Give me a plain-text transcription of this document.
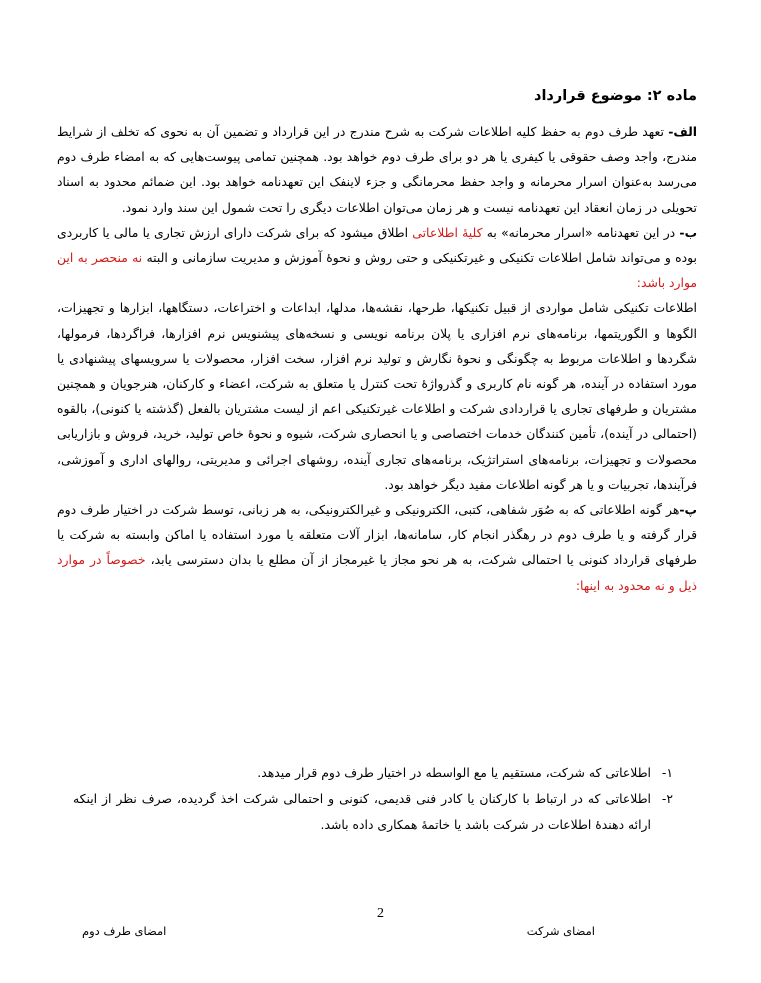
ماده ۲: موضوع قرارداد

الف- تعهد طرف دوم به حفظ کلیه اطلاعات شرکت به شرح مندرج در این قرارداد و تضمین آن به نحوی که تخلف از شرایط مندرج، واجد وصف حقوقی یا کیفری یا هر دو برای طرف دوم خواهد بود. همچنین تمامی پیوست‌هایی که به امضاء طرف دوم می‌رسد به‌عنوان اسرار محرمانه و واجد حفظ محرمانگی و جزء لاینفک این تعهدنامه خواهد بود. این ضمائم محدود به اسناد تحویلی در زمان انعقاد این تعهدنامه نیست و هر زمان می‌توان اطلاعات دیگری را تحت شمول این سند وارد نمود.

ب- در این تعهدنامه «اسرار محرمانه» به کلیهٔ اطلاعاتی اطلاق میشود که برای شرکت دارای ارزش تجاری یا مالی یا کاربردی بوده و می‌تواند شامل اطلاعات تکنیکی و غیرتکنیکی و حتی روش و نحوهٔ آموزش و مدیریت سازمانی و البته نه منحصر به این موارد باشد:

اطلاعات تکنیکی شامل مواردی از قبیل تکنیکها، طرحها، نقشه‌ها، مدلها، ابداعات و اختراعات، دستگاهها، ابزارها و تجهیزات، الگوها و الگوریتمها، برنامه‌های نرم افزاری یا پلان برنامه نویسی و نسخه‌های پیشنویس نرم افزارها، فراگردها، فرمولها، شگردها و اطلاعات مربوط به چگونگی و نحوهٔ نگارش و تولید نرم افزار، سخت افزار، محصولات یا سرویسهای پیشنهادی یا مورد استفاده در آینده، هر گونه نام کاربری و گذرواژهٔ تحت کنترل یا متعلق به شرکت، اعضاء و کارکنان، هنرجویان و همچنین مشتریان و طرفهای تجاری یا قراردادی شرکت و اطلاعات غیرتکنیکی اعم از لیست مشتریان بالفعل (گذشته یا کنونی)، بالقوه (احتمالی در آینده)، تأمین کنندگان خدمات اختصاصی و یا انحصاری شرکت، شیوه و نحوهٔ خاص تولید، خرید، فروش و بازاریابی محصولات و تجهیزات، برنامه‌های استراتژیک، برنامه‌های تجاری آینده، روشهای اجرائی و مدیریتی، روالهای اداری و آموزشی، فرآیندها، تجربیات و یا هر گونه اطلاعات مفید دیگر خواهد بود.

پ-هر گونه اطلاعاتی که به صُوَر شفاهی، کتبی، الکترونیکی و غیرالکترونیکی، به هر زبانی، توسط شرکت در اختیار طرف دوم قرار گرفته و یا طرف دوم در رهگذر انجام کار، سامانه‌ها، ابزار آلات متعلقه یا مورد استفاده یا اماکن وابسته به شرکت یا طرفهای قرارداد کنونی یا احتمالی شرکت، به هر نحو مجاز یا غیرمجاز از آن مطلع یا بدان دسترسی یابد، خصوصاً در موارد ذیل و نه محدود به اینها:

۱-
اطلاعاتی که شرکت، مستقیم یا مع الواسطه در اختیار طرف دوم قرار میدهد.
۲-
اطلاعاتی که در ارتباط با کارکنان یا کادر فنی قدیمی، کنونی و احتمالی شرکت اخذ گردیده، صرف نظر از اینکه ارائه دهندهٔ اطلاعات در شرکت باشد یا خاتمهٔ همکاری داده باشد.
2
امضای شرکت
امضای طرف دوم
